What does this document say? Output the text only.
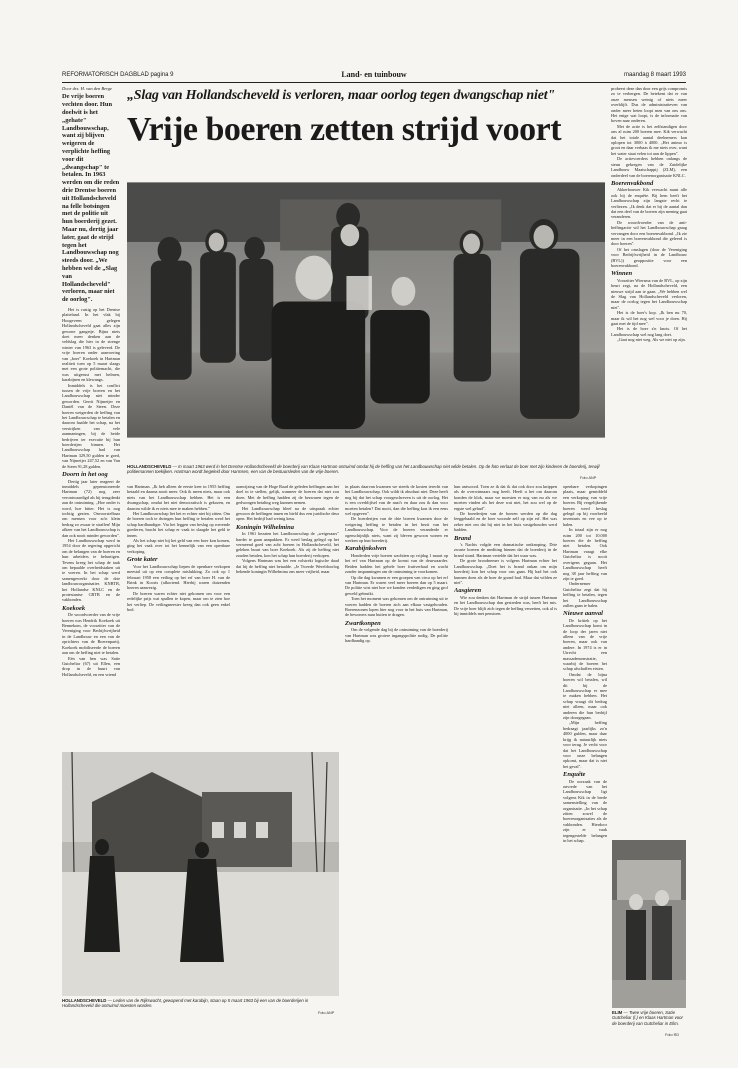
REFORMATORISCH DAGBLAD pagina 9	Land- en tuinbouw	maandag 8 maart 1993
Door drs. H. van den Berge
De vrije boeren vechten door. Hun doelwit is het „gehate" Landbouwschap, want zij blijven weigeren de verplichte heffing voor dit „dwangschap" te betalen. In 1963 werden om die reden drie Drentse boeren uit Hollandscheveld na felle botsingen met de politie uit hun boerderij gezet. Maar nu, dertig jaar later, gaat de strijd tegen het Landbouwschap nog steeds door. „We hebben wel de „Slag van Hollandscheveld" verloren, maar niet de oorlog".

Het is rustig op het Drentse platteland. In het vlak bij Hoogeveen gelegen Hollandscheveld gaat alles zijn gewone gangetje. Bijna niets doet meer denken aan de veldslag die hier in de strenge winter van 1963 is geleverd. De vrije boeren onder aanvoering van „boer" Koekoek in Hartman realiteit toen op 5 maart slaags met een grote politiemacht, die was uitgerust met helmen, karabijnen en klewangs.

Inmiddels is het conflict tussen de vrije boeren en het Landbouwschap niet minder geworden. Gerrit Nijmeijer en Daniël van de Steen. Deze boeren weigerden de heffing van het Landbouwschap te betalen en daarom haalde het schap, na het verstrijken van vele aanmaningen, bij de beide bedrijven ter executie bij hun boerderijen binnen. Het Landbouwschap had van Hartman 329,50 gulden te goed, van Nijmeijer 247,52 en van Van de Steen 91,28 gulden.

Doorn in het oog

Dertig jaar later reageert de inmiddels gepensioneerde Hartman (72) nog zeer verontwaardigd als hij terugdenkt aan de ontruiming. „Hoe onder is word, hoe bitter. Het is nog tochtig gezien. Onvoorstelbaar om mensen voor zo'n klein bedrag zo zwaar te straffen! Mijn afkeer van het Landbouwschap is dan ook nooit minder geworden".

Het Landbouwschap werd in 1954 door de regering opgericht om de belangen van de boeren en hun arbeiders te behartigen. Tevens kreeg het schap de taak om bepaalde overheidstaken uit te voeren. In het schap werd samengewerkt door de drie landbouworganisaties KNBTB, het Hollandse KNLC en de protestantse CBTB en de vakbonden.

Koekoek

De woordvoerder van de vrije boeren was Hendrik Koekoek uit Bennekom, de voorzitter van de Vereniging voor Bedrijfsvrijheid in de Landbouw en een van de oprichters van de Boerenpartij. Koekoek mobiliseerde de boeren aan om de heffing niet te betalen.

Eén van hen was Satie Gutcheliar (67) uit Ellen, een drop in de buurt van Hollandscheveld, en een vriend

„Slag van Hollandscheveld is verloren, maar oorlog tegen dwangschap niet"
Vrije boeren zetten strijd voort
HOLLANDSCHEVELD — In maart 1963 werd in het Drentse Hollandscheveld de boerderij van Klaas Hartman ontruimd omdat hij de heffing van het Landbouwschap niet wilde betalen. Op de foto verlaat de boer met zijn kinderen de boerderij, terwijl politiemannen toekijken. Hartman wordt begeleid door Harmsen, een van de bestuursleden van de vrije boeren.
Foto ANP

van Hartman. „Ik heb alleen de eerste keer in 1955 heffing betaald en daarna nooit meer. Ook ik meen niets, maar ook niets van het Landbouwschap hebben. Het is een dwangschap, omdat het niet democratisch is gekozen, en daarom wilde ik er niets mee te maken hebben."

Het Landbouwschap liet het er echter niet bij zitten. Om de boeren toch te dwingen hun heffing te betalen werd het schap hardhandiger. Via het leggen van beslag op roerende goederen, bracht het schap er vaak in slaagde het geld te innen.

Als het schap niet bij het geld van een boer kon komen, ging het vaak over tot het kennelijk van een openbare verkoping.

Grote kater

Voor het Landbouwschap liepen de openbare verkopen meestal uit op een complete mislukking. Zo ook op 1 februari 1958 een veiling op het erf van boer H. van de Brink in Koorts (afkortend. Hierbij waren duizenden boeren aanwezig.

De boeren waren echter niet gekomen om voor een redelijke prijs wat spullen te kopen, maar om te zien hoe het verliep. De veilingmeester kreeg dan ook geen enkel bod.

aanwijzing van de Hoge Raad de geleden heffingen aan het doel in te stellen, gelijk, wanneer de boeren dat niet zou doen. Met de heffing hadden zij de bezwaren tegen de gedwongen betaling weg kunnen nemen.

Het Landbouwschap bleef na de uitspraak echter gewoon de heffingen innen en hield dus een juridische deur open. Het bedrijf had weinig keus.

Koningin Wilhelmina

In 1961 bezaten het Landbouwschap de „weigeraars" harder te gaan aanpakken. Er werd beslag gelegd op het vermeend goed van acht boeren in Hollandscheveld, het geleken buurt van boer Koekoek. Als zij de heffing niet zouden betalen, kon het schap hun boerderij verkopen.

Volgens Hartman was het een volstrekt logische daad dat hij de heffing niet betaalde. „Je Tweede Wereldoorlog bekende koningin Wilhelmina ons meer vrijheid, maar

in plaats daarvan kwamen we steeds de kosten terecht van het Landbouwschap. Ook wildt ik absoluut niet. Deze heeft nog bij dat het schap voorgeschreven is uit de oorlog. Het is een overblijfsel van de nazi's en daar zou ik dan voor moeten betalen? Dat nooit, dan die heffing kon ik een eens wel opgeven".

De boerderijen van de drie boeren kwamen door de weigering heffing te betalen in het bezit van het Landbouwschap. Voor de boeren veranderde er ogenschijnlijk niets, want zij bleven gewoon wonen en werken op hun boerderij.

Karabijnkolven

Honderden vrije boeren wachtten op vrijdag 1 maart op het erf van Hartman op de komst van de deurwaarder. Beiden hadden het gehele boer fruitverhaal en wacht zonder inspanningen om de ontruiming te voorkomen.

Op die dag kwamen er een groepen van circa op het erf van Hartman. Er waren veel meer boeren dan op 5 maart. De politie wist niet hoe we konden verdedigen en ging grof geweld gebruikt.

Toen het moment was gekomen om de ontruiming uit te voeren hadden de boeren zich aan elkaar vastgehouden. Boerenzonen lopen hier nog voor in het huis van Hartman, de bewoners naar buiten te dragen.

Zwartkonpen

Om de volgende dag bij de ontruiming van de boerderij van Hartman was grotere ingangspolitie nodig. De politie hardhandig op.

hun antwoord. Toen ze ik dat ik dat ook door zou knippen als de overwinnaars nog heeft. Heeft u het om daarom konden de klok, maar we moesten er nog van nu als we moeten vinden als het deze wat niet, het zou wel op de ergste wel gehad".

De boerderijen van de boeren werden op die dag leeggehaald en de boer woonde zelf op zijn erf. Het was zeker niet om dat hij niet in het huis vastgehouden werd hadden.

Brand

's Nachts volgde een dramatische ontknoping. Drie zwarte boeren de mediting binnen dat de boerderij in de brand stond. Hartman vertelde dat het waar was.

De grote broodnemer is volgens Hartman echter het Landbouwschap. „Doet het is brand onkan om mijn boerderij kon het schap voor ons gaan. Hij had het ook kunnen doen als de boer de grond had. Maar dat wilden ze niet".

Aasgieren

Wie zou denken dat Hartman de strijd tussen Hartman en het Landbouwschap dan gestreden was, heeft het mis. De vrije boer blijft zich tegen de heffing verzetten, ook al is hij inmiddels met pensioen.

HOLLANDSCHEVELD — Leden van de Rijkswacht, gewapend met karabijn, staan op 5 maart 1963 bij een van de boerderijen in Hollandscheveld die ontruimd moesten worden.
Foto ANP	ELIM — Twee vrije boeren, Satie Gutcheliar (l.) en Klaas Hartman voor de boerderij van Gutcheliar in Elim.
Foto RD

probeert deze dan door een grijs compromis zo te verbergen. De betekent dat er van onze mensen weinig of niets meer overblijft. Dus de administratieven van onder meer heten loopt men van ons ons. Het enige wat loopt, is de informatie van boven naar onderen.

Met de actie is het zelfstandigen door ons al ruim 200 boeren mee. Kik verwacht dat het totale aantal deelnemers kan oplopen tot 3000 à 4000. „Het animo is groot en daar verbaas ik me niets over, want het water staat velen tot aan de lippen".

De actievoerders hebben onlangs de steun gekregen van de Zuidelijke Landbouw Maatschappij (ZLM), een onderdeel van de boerenorganisatie KNLC.

Boerenvakbond

Akkerbouwer Kik verwacht naast alle ook bij de enquête. Bij hem heeft het Landbouwschap zijn langste recht te verliezen. „Ik denk dat er bij de aantal dan dat een deel van de boeren zijn mening gaat veranderen.

De woordvoerder van de anti-heffingactie wil het Landbouwschap graag vervangen door een boerenvakbond. „Ik zie meer in een boerenvakbond die geleerd is door boeren".

Of het omslagen (door de Vereniging voor Bedrijfsvrijheid in de Landbouw (BVL)) geoppositie voor een boerenvakbond.

Winnen

Voorzitter Wiersma van de BVL, op zijn beurt zegt, na de Hollandscheveld, een nieuwe strijd aan te gaan. „We hebben wel de Slag van Hollandscheveld verloren, maar de oorlog tegen het Landbouwschap niet".

Het is de boer's kop. „Ik ben nu 70, maar ik wil het nog wel voor je doen. Hij gaat met de tijd mee".

Het is de boer z'n knots. Of het Landbouwschap wel nog lang doet.

„Gaat nog niet weg. Als we niet op zijn.

openbare verkopingen plaats, maar gemiddeld een verkoping van vrije boeren. Bij vergelijkende boeren werd beslag gelegd op bij voorbeeld inventaris en vee op te halen.

In totaal zijn er nog ruim 200 tot 10.000 boeren die de heffing niet betalen. Ook Hartman vraagt elke Gutcheliar is nooit overigens gegaan. Het Landbouwschap heeft nog 38 jaar heffing van zijn te goed.

Ondernemer Gutcheliar zegt dat hij heffing te betalen, tegen het Landbouwschap zullen gaan te halen.

Nieuwe aanval

De kritiek op het Landbouwschap komt in de loop der jaren niet alleen van de vrije boeren, maar ook van andere. In 1974 is er in Utrecht een massademonstratie, waarbij de boeren het schap afschaffen eisten.

Omdat de bijna boeren wil betalen, wil dit bij de Landbouwschap er mee te maken hebben. Het schap vraagt dit bedrag niet alleen, maar ook anderen die hun bedrijf zijn doorgegaan.

„Mijn heffing bedraagt jaarlijks zo'n 4000 gulden, maar daar krijg ik natuurlijk niets voor terug. Je vecht voor dat het Landbouwschap voor onze belangen opkomt, maar dat is niet het geval".

Enquête

De oorzaak van de onvrede van het Landbouwschap ligt volgens Kik in de brede samenstelling van de organisatie. „In het schap zitten zowel de boerenorganisaties als de vakbonden. Hierdoor zijn er vaak tegengestelde belangen in het schap.
